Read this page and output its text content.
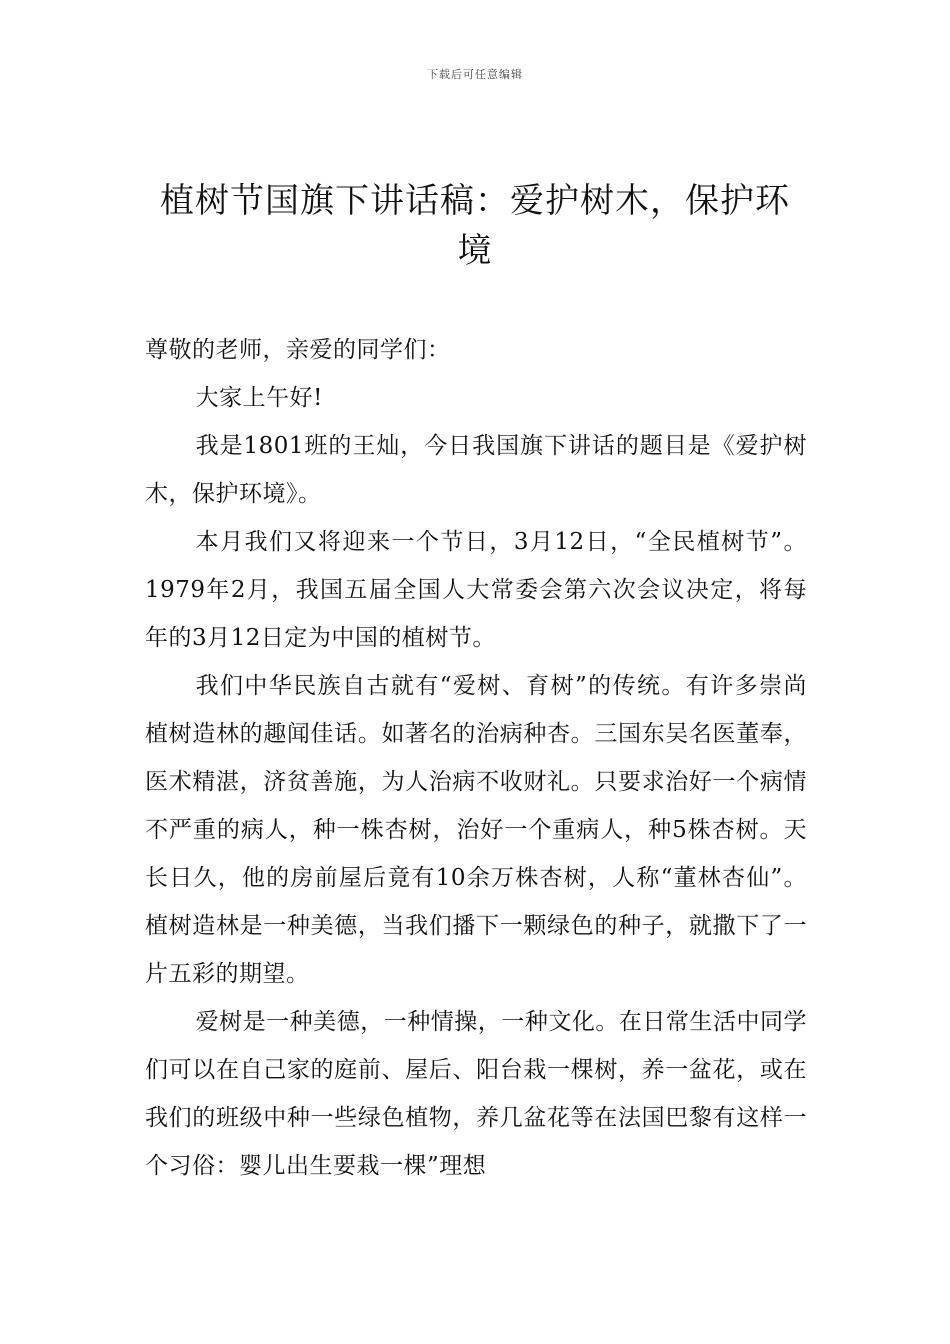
下载后可任意编辑
植树节国旗下讲话稿：爱护树木，保护环境

尊敬的老师，亲爱的同学们：

大家上午好!

我是1801班的王灿，今日我国旗下讲话的题目是《爱护树木，保护环境》。

本月我们又将迎来一个节日，3月12日，“全民植树节”。1979年2月，我国五届全国人大常委会第六次会议决定，将每年的3月12日定为中国的植树节。

我们中华民族自古就有“爱树、育树”的传统。有许多崇尚植树造林的趣闻佳话。如著名的治病种杏。三国东吴名医董奉，医术精湛，济贫善施，为人治病不收财礼。只要求治好一个病情不严重的病人，种一株杏树，治好一个重病人，种5株杏树。天长日久，他的房前屋后竟有10余万株杏树，人称“董林杏仙”。植树造林是一种美德，当我们播下一颗绿色的种子，就撒下了一片五彩的期望。

爱树是一种美德，一种情操，一种文化。在日常生活中同学们可以在自己家的庭前、屋后、阳台栽一棵树，养一盆花，或在我们的班级中种一些绿色植物，养几盆花等在法国巴黎有这样一个习俗：婴儿出生要栽一棵”理想
